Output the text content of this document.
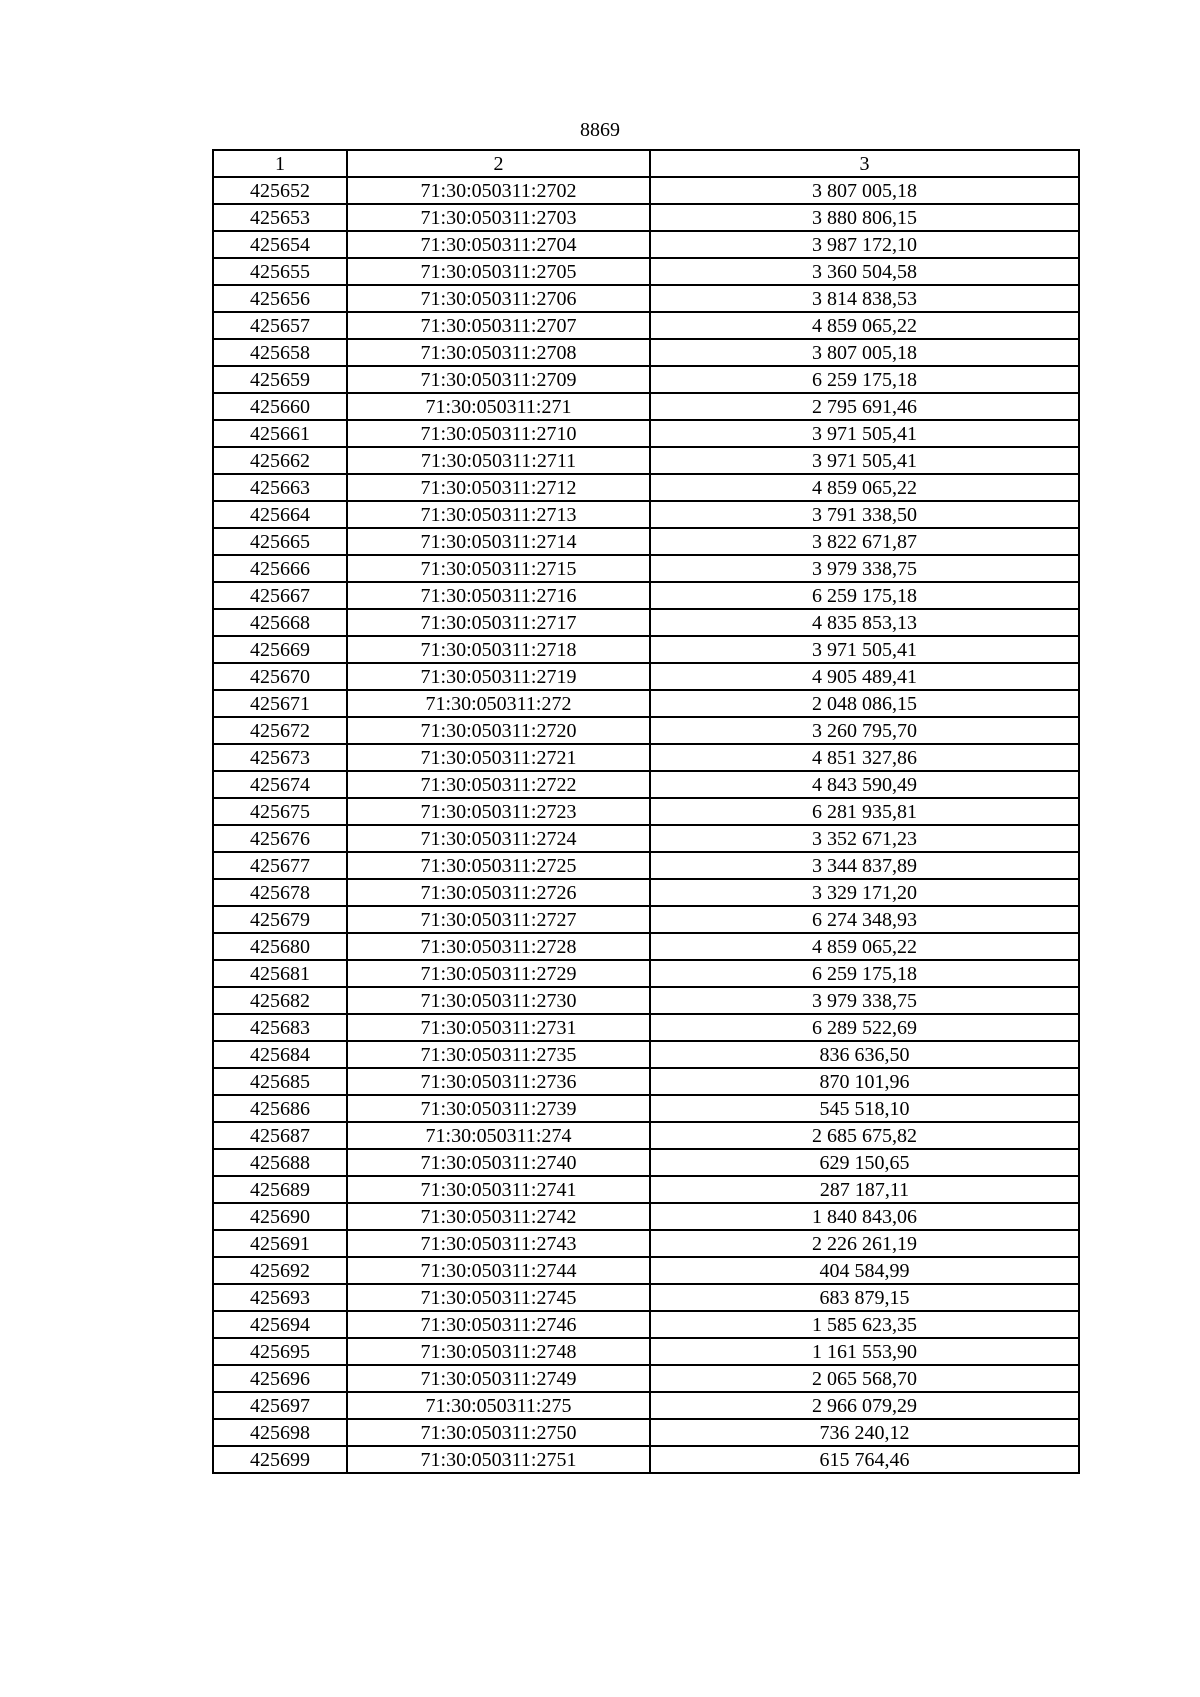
8869
1	2	3
425652	71:30:050311:2702	3 807 005,18
425653	71:30:050311:2703	3 880 806,15
425654	71:30:050311:2704	3 987 172,10
425655	71:30:050311:2705	3 360 504,58
425656	71:30:050311:2706	3 814 838,53
425657	71:30:050311:2707	4 859 065,22
425658	71:30:050311:2708	3 807 005,18
425659	71:30:050311:2709	6 259 175,18
425660	71:30:050311:271	2 795 691,46
425661	71:30:050311:2710	3 971 505,41
425662	71:30:050311:2711	3 971 505,41
425663	71:30:050311:2712	4 859 065,22
425664	71:30:050311:2713	3 791 338,50
425665	71:30:050311:2714	3 822 671,87
425666	71:30:050311:2715	3 979 338,75
425667	71:30:050311:2716	6 259 175,18
425668	71:30:050311:2717	4 835 853,13
425669	71:30:050311:2718	3 971 505,41
425670	71:30:050311:2719	4 905 489,41
425671	71:30:050311:272	2 048 086,15
425672	71:30:050311:2720	3 260 795,70
425673	71:30:050311:2721	4 851 327,86
425674	71:30:050311:2722	4 843 590,49
425675	71:30:050311:2723	6 281 935,81
425676	71:30:050311:2724	3 352 671,23
425677	71:30:050311:2725	3 344 837,89
425678	71:30:050311:2726	3 329 171,20
425679	71:30:050311:2727	6 274 348,93
425680	71:30:050311:2728	4 859 065,22
425681	71:30:050311:2729	6 259 175,18
425682	71:30:050311:2730	3 979 338,75
425683	71:30:050311:2731	6 289 522,69
425684	71:30:050311:2735	836 636,50
425685	71:30:050311:2736	870 101,96
425686	71:30:050311:2739	545 518,10
425687	71:30:050311:274	2 685 675,82
425688	71:30:050311:2740	629 150,65
425689	71:30:050311:2741	287 187,11
425690	71:30:050311:2742	1 840 843,06
425691	71:30:050311:2743	2 226 261,19
425692	71:30:050311:2744	404 584,99
425693	71:30:050311:2745	683 879,15
425694	71:30:050311:2746	1 585 623,35
425695	71:30:050311:2748	1 161 553,90
425696	71:30:050311:2749	2 065 568,70
425697	71:30:050311:275	2 966 079,29
425698	71:30:050311:2750	736 240,12
425699	71:30:050311:2751	615 764,46
